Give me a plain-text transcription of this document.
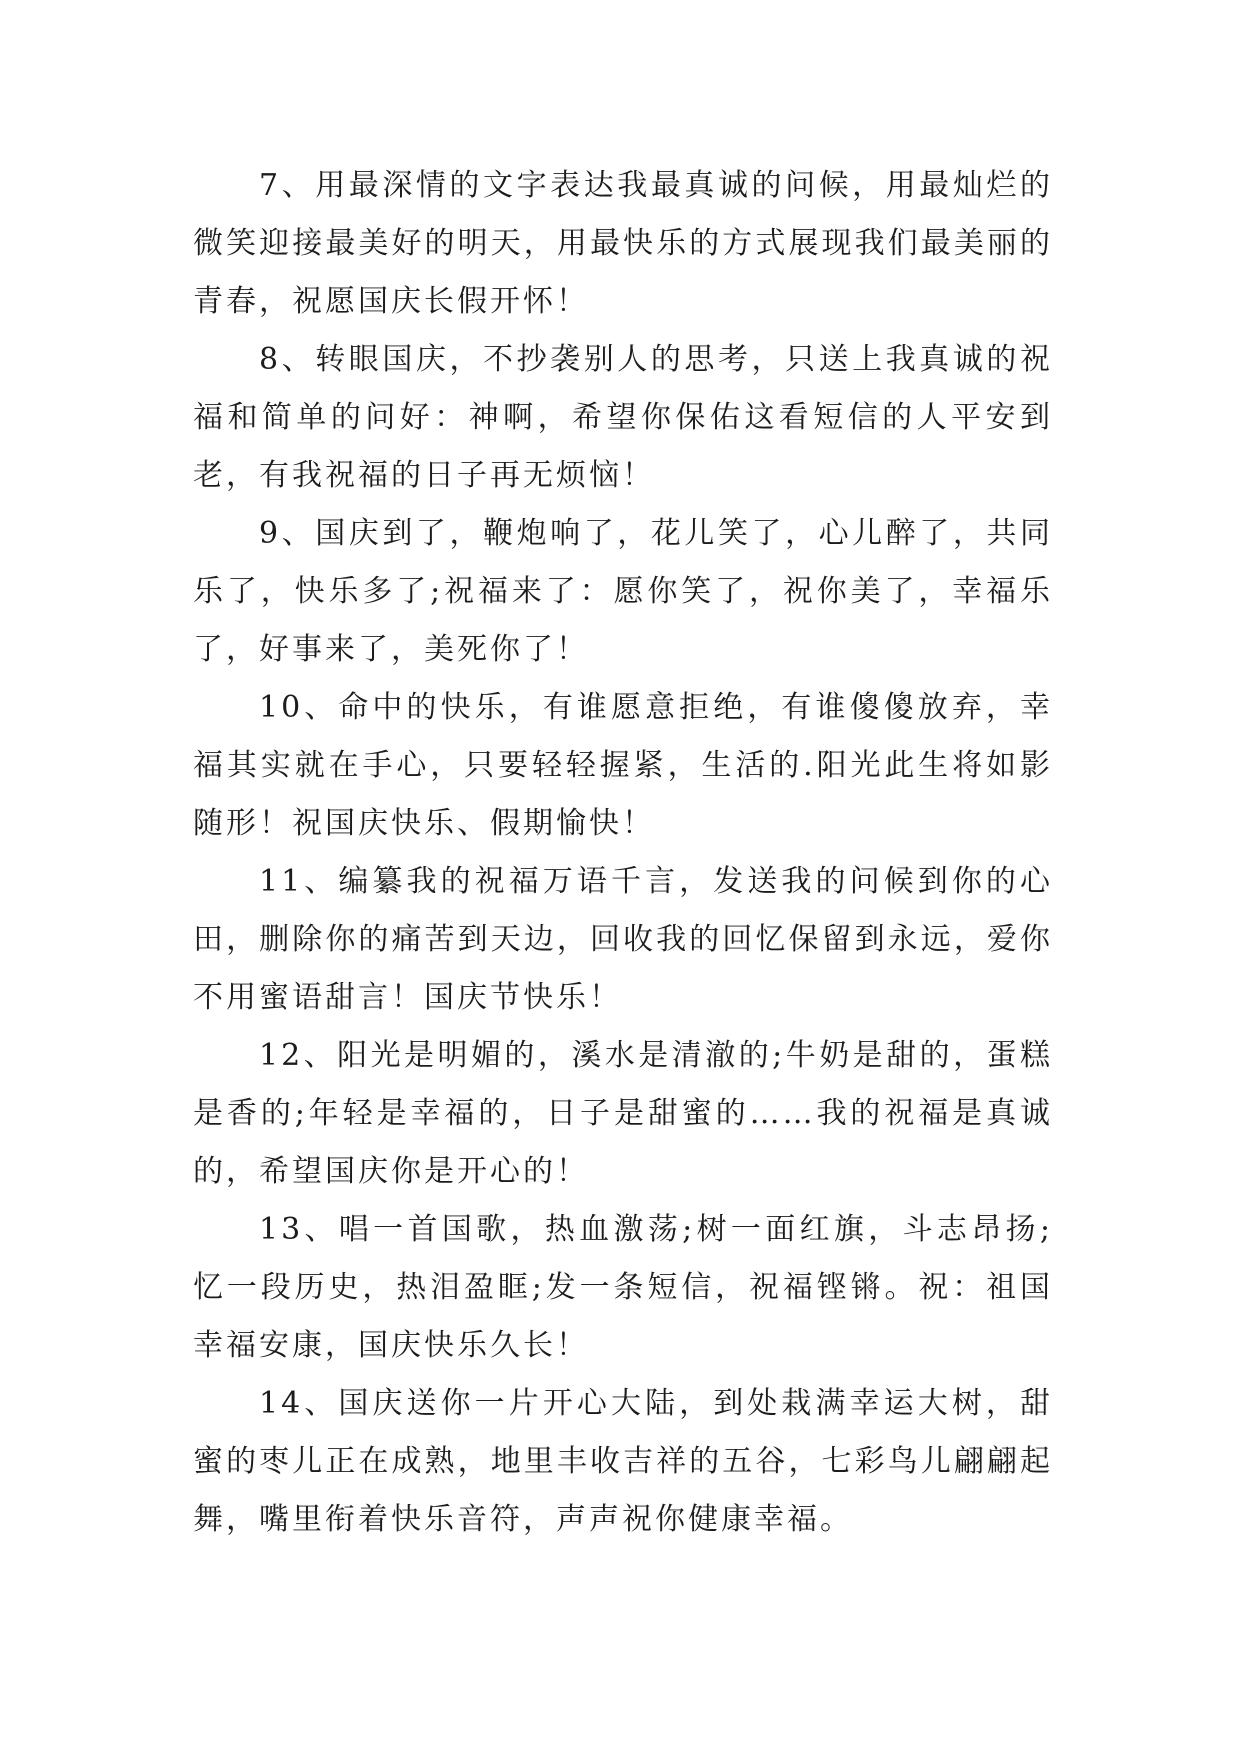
7、用最深情的文字表达我最真诚的问候，用最灿烂的微笑迎接最美好的明天，用最快乐的方式展现我们最美丽的青春，祝愿国庆长假开怀！

8、转眼国庆，不抄袭别人的思考，只送上我真诚的祝福和简单的问好：神啊，希望你保佑这看短信的人平安到老，有我祝福的日子再无烦恼！

9、国庆到了，鞭炮响了，花儿笑了，心儿醉了，共同乐了，快乐多了;祝福来了：愿你笑了，祝你美了，幸福乐了，好事来了，美死你了！

10、命中的快乐，有谁愿意拒绝，有谁傻傻放弃，幸福其实就在手心，只要轻轻握紧，生活的.阳光此生将如影随形！祝国庆快乐、假期愉快！

11、编纂我的祝福万语千言，发送我的问候到你的心田，删除你的痛苦到天边，回收我的回忆保留到永远，爱你不用蜜语甜言！国庆节快乐！

12、阳光是明媚的，溪水是清澈的;牛奶是甜的，蛋糕是香的;年轻是幸福的，日子是甜蜜的……我的祝福是真诚的，希望国庆你是开心的！

13、唱一首国歌，热血激荡;树一面红旗，斗志昂扬;忆一段历史，热泪盈眶;发一条短信，祝福铿锵。祝：祖国幸福安康，国庆快乐久长！

14、国庆送你一片开心大陆，到处栽满幸运大树，甜蜜的枣儿正在成熟，地里丰收吉祥的五谷，七彩鸟儿翩翩起舞，嘴里衔着快乐音符，声声祝你健康幸福。
